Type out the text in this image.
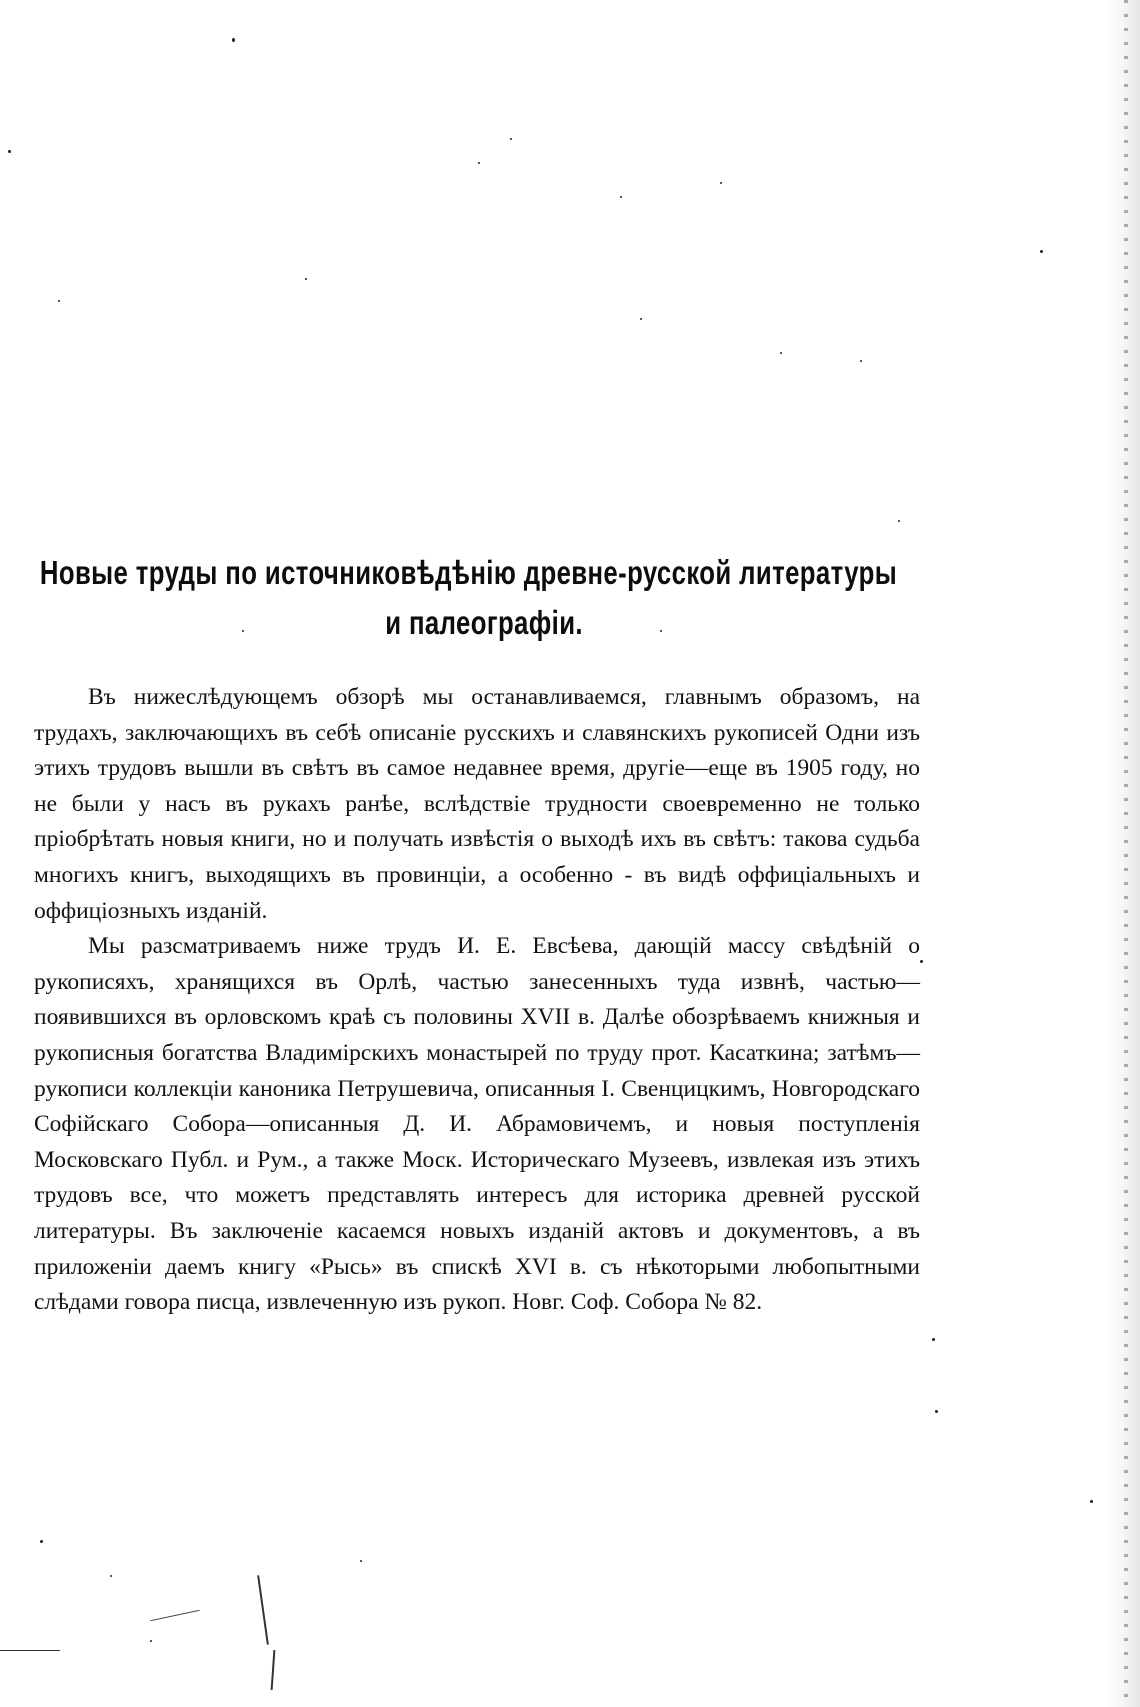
Новые труды по источниковѣдѣнію древне-русской литературы
и палеографіи.

Въ нижеслѣдующемъ обзорѣ мы останавливаемся, главнымъ образомъ, на трудахъ, заключающихъ въ себѣ описаніе русскихъ и славянскихъ рукописей Одни изъ этихъ трудовъ вышли въ свѣтъ въ самое недавнее время, другіе—еще въ 1905 году, но не были у насъ въ рукахъ ранѣе, вслѣдствіе трудности своевременно не только пріобрѣтать новыя книги, но и получать извѣстія о выходѣ ихъ въ свѣтъ: такова судьба многихъ книгъ, выходящихъ въ провинціи, а особенно - въ видѣ оффиціальныхъ и оффиціозныхъ изданій.

Мы разсматриваемъ ниже трудъ И. Е. Евсѣева, дающій массу свѣдѣній о рукописяхъ, хранящихся въ Орлѣ, частью занесенныхъ туда извнѣ, частью—появившихся въ орловскомъ краѣ съ половины XVII в. Далѣе обозрѣваемъ книжныя и рукописныя богатства Владимірскихъ монастырей по труду прот. Касаткина; затѣмъ—рукописи коллекціи каноника Петрушевича, описанныя І. Свенцицкимъ, Новгородскаго Софійскаго Собора—описанныя Д. И. Абрамовичемъ, и новыя поступленія Московскаго Публ. и Рум., а также Моск. Историческаго Музеевъ, извлекая изъ этихъ трудовъ все, что можетъ представлять интересъ для историка древней русской литературы. Въ заключеніе касаемся новыхъ изданій актовъ и документовъ, а въ приложеніи даемъ книгу «Рысь» въ спискѣ XVI в. съ нѣкоторыми любопытными слѣдами говора писца, извлеченную изъ рукоп. Новг. Соф. Собора № 82.
